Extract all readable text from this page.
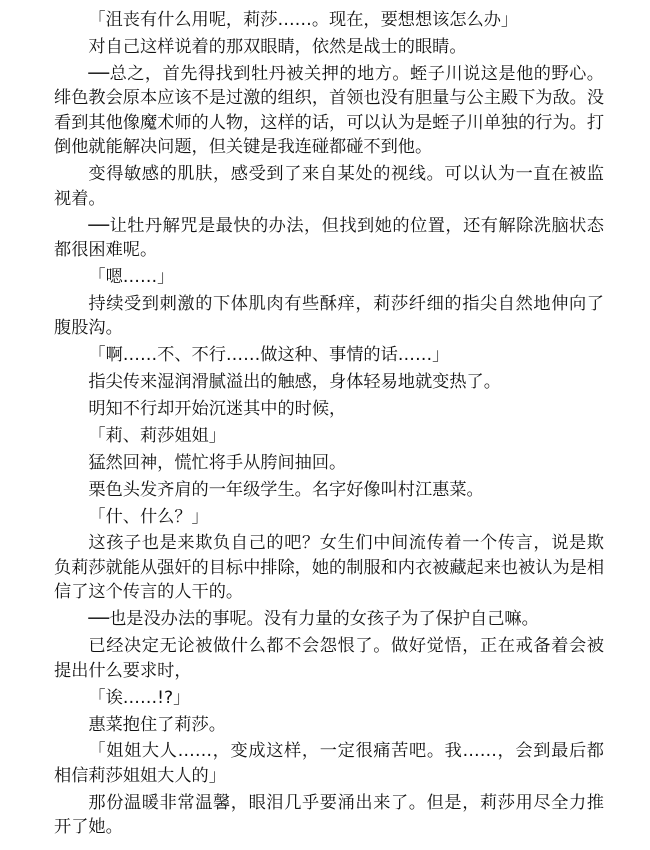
「沮丧有什么用呢，莉莎……。现在，要想想该怎么办」

对自己这样说着的那双眼睛，依然是战士的眼睛。

──总之，首先得找到牡丹被关押的地方。蛭子川说这是他的野心。绯色教会原本应该不是过激的组织，首领也没有胆量与公主殿下为敌。没看到其他像魔术师的人物，这样的话，可以认为是蛭子川单独的行为。打倒他就能解决问题，但关键是我连碰都碰不到他。

变得敏感的肌肤，感受到了来自某处的视线。可以认为一直在被监视着。

──让牡丹解咒是最快的办法，但找到她的位置，还有解除洗脑状态都很困难呢。

「嗯……」

持续受到刺激的下体肌肉有些酥痒，莉莎纤细的指尖自然地伸向了腹股沟。

「啊……不、不行……做这种、事情的话……」

指尖传来湿润滑腻溢出的触感，身体轻易地就变热了。

明知不行却开始沉迷其中的时候，

「莉、莉莎姐姐」

猛然回神，慌忙将手从胯间抽回。

栗色头发齐肩的一年级学生。名字好像叫村江惠菜。

「什、什么？」

这孩子也是来欺负自己的吧？女生们中间流传着一个传言，说是欺负莉莎就能从强奸的目标中排除，她的制服和内衣被藏起来也被认为是相信了这个传言的人干的。

──也是没办法的事呢。没有力量的女孩子为了保护自己嘛。

已经决定无论被做什么都不会怨恨了。做好觉悟，正在戒备着会被提出什么要求时，

「诶……!?」

惠菜抱住了莉莎。

「姐姐大人……，变成这样，一定很痛苦吧。我……，会到最后都相信莉莎姐姐大人的」

那份温暖非常温馨，眼泪几乎要涌出来了。但是，莉莎用尽全力推开了她。
